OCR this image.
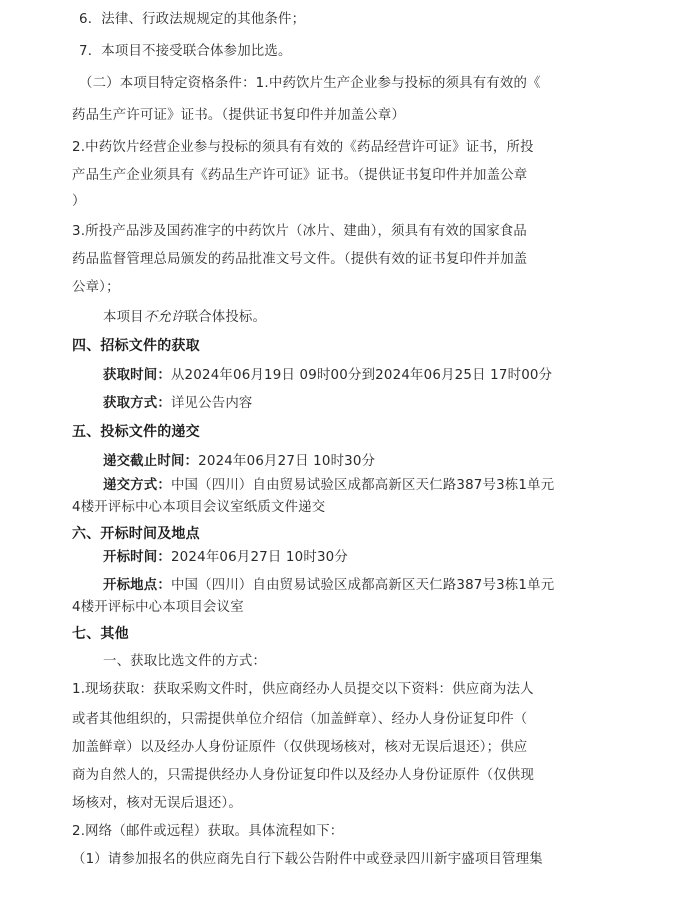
6．法律、行政法规规定的其他条件；
7．本项目不接受联合体参加比选。
（二）本项目特定资格条件：1.中药饮片生产企业参与投标的须具有有效的《
药品生产许可证》证书。（提供证书复印件并加盖公章）
2.中药饮片经营企业参与投标的须具有有效的《药品经营许可证》证书，所投
产品生产企业须具有《药品生产许可证》证书。（提供证书复印件并加盖公章
）
3.所投产品涉及国药准字的中药饮片（冰片、建曲），须具有有效的国家食品
药品监督管理总局颁发的药品批准文号文件。（提供有效的证书复印件并加盖
公章）；
本项目不允许联合体投标。
四、招标文件的获取
获取时间：从2024年06月19日 09时00分到2024年06月25日 17时00分
获取方式：详见公告内容
五、投标文件的递交
递交截止时间：2024年06月27日 10时30分
递交方式：中国（四川）自由贸易试验区成都高新区天仁路387号3栋1单元
4楼开评标中心本项目会议室纸质文件递交
六、开标时间及地点
开标时间：2024年06月27日 10时30分
开标地点：中国（四川）自由贸易试验区成都高新区天仁路387号3栋1单元
4楼开评标中心本项目会议室
七、其他
一、获取比选文件的方式：
1.现场获取：获取采购文件时，供应商经办人员提交以下资料：供应商为法人
或者其他组织的，只需提供单位介绍信（加盖鲜章）、经办人身份证复印件（
加盖鲜章）以及经办人身份证原件（仅供现场核对，核对无误后退还）；供应
商为自然人的，只需提供经办人身份证复印件以及经办人身份证原件（仅供现
场核对，核对无误后退还）。
2.网络（邮件或远程）获取。具体流程如下：
（1）请参加报名的供应商先自行下载公告附件中或登录四川新宇盛项目管理集
